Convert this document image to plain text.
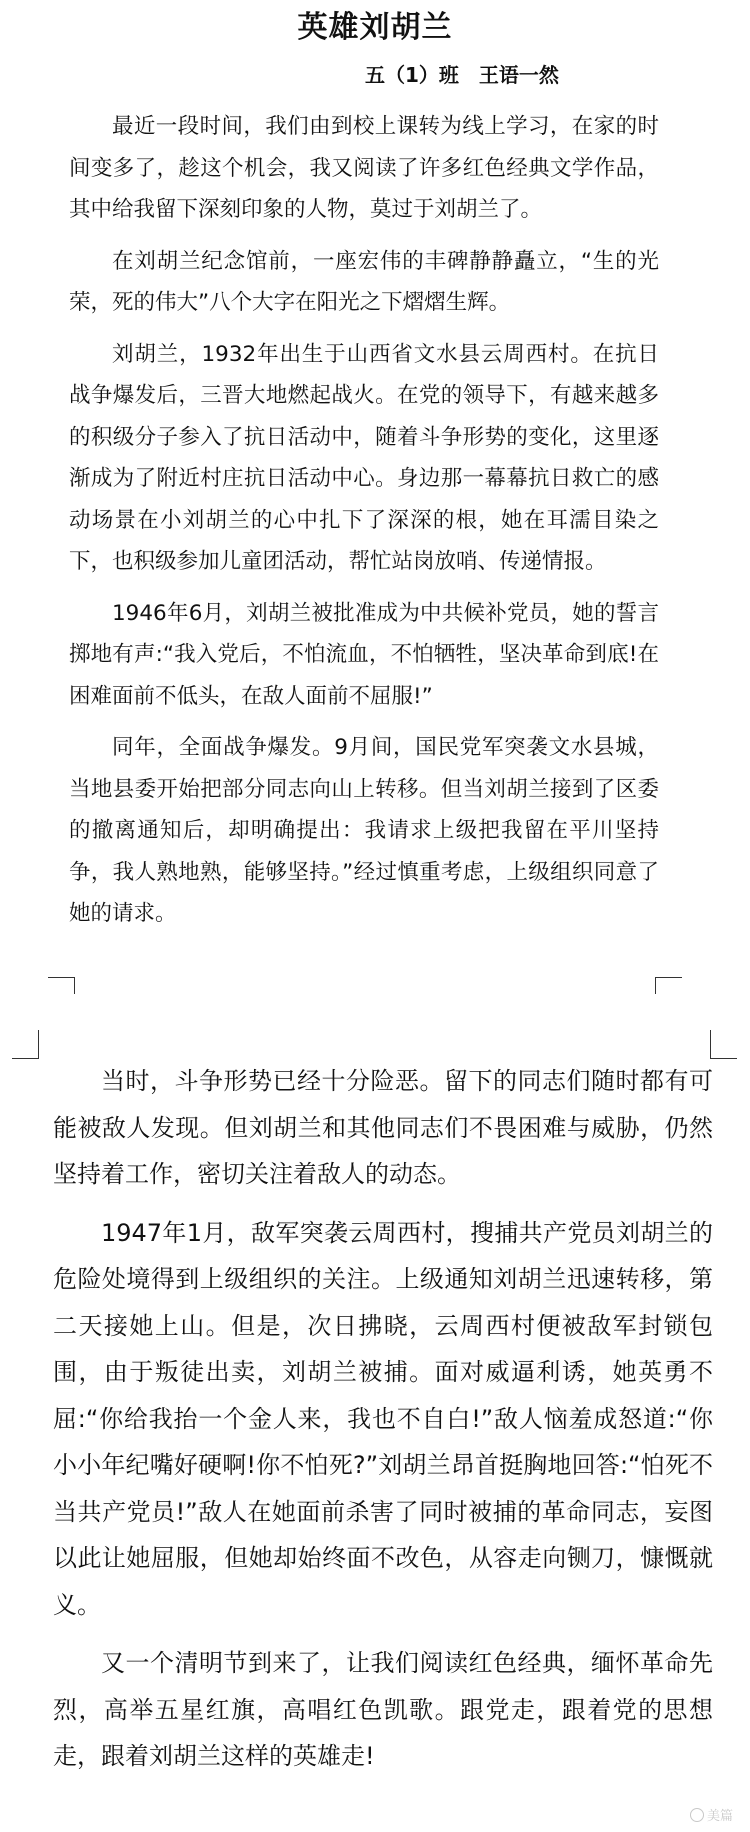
英雄刘胡兰
五（1）班　王语一然

最近一段时间，我们由到校上课转为线上学习，在家的时间变多了，趁这个机会，我又阅读了许多红色经典文学作品，其中给我留下深刻印象的人物，莫过于刘胡兰了。

在刘胡兰纪念馆前，一座宏伟的丰碑静静矗立，“生的光荣，死的伟大”八个大字在阳光之下熠熠生辉。

刘胡兰，1932年出生于山西省文水县云周西村。在抗日战争爆发后，三晋大地燃起战火。在党的领导下，有越来越多的积级分子参入了抗日活动中，随着斗争形势的变化，这里逐渐成为了附近村庄抗日活动中心。身边那一幕幕抗日救亡的感动场景在小刘胡兰的心中扎下了深深的根，她在耳濡目染之下，也积级参加儿童团活动，帮忙站岗放哨、传递情报。

1946年6月，刘胡兰被批准成为中共候补党员，她的誓言掷地有声:“我入党后，不怕流血，不怕牺牲，坚决革命到底!在困难面前不低头，在敌人面前不屈服!”

同年，全面战争爆发。9月间，国民党军突袭文水县城，当地县委开始把部分同志向山上转移。但当刘胡兰接到了区委的撤离通知后，却明确提出：我请求上级把我留在平川坚持争，我人熟地熟，能够坚持。”经过慎重考虑，上级组织同意了她的请求。

当时，斗争形势已经十分险恶。留下的同志们随时都有可能被敌人发现。但刘胡兰和其他同志们不畏困难与威胁，仍然坚持着工作，密切关注着敌人的动态。

1947年1月，敌军突袭云周西村，搜捕共产党员刘胡兰的危险处境得到上级组织的关注。上级通知刘胡兰迅速转移，第二天接她上山。但是，次日拂晓，云周西村便被敌军封锁包围，由于叛徒出卖，刘胡兰被捕。面对威逼利诱，她英勇不屈:“你给我抬一个金人来，我也不自白!”敌人恼羞成怒道:“你小小年纪嘴好硬啊!你不怕死?”刘胡兰昂首挺胸地回答:“怕死不当共产党员!”敌人在她面前杀害了同时被捕的革命同志，妄图以此让她屈服，但她却始终面不改色，从容走向铡刀，慷慨就义。

又一个清明节到来了，让我们阅读红色经典，缅怀革命先烈，高举五星红旗，高唱红色凯歌。跟党走，跟着党的思想走，跟着刘胡兰这样的英雄走!

美篇
